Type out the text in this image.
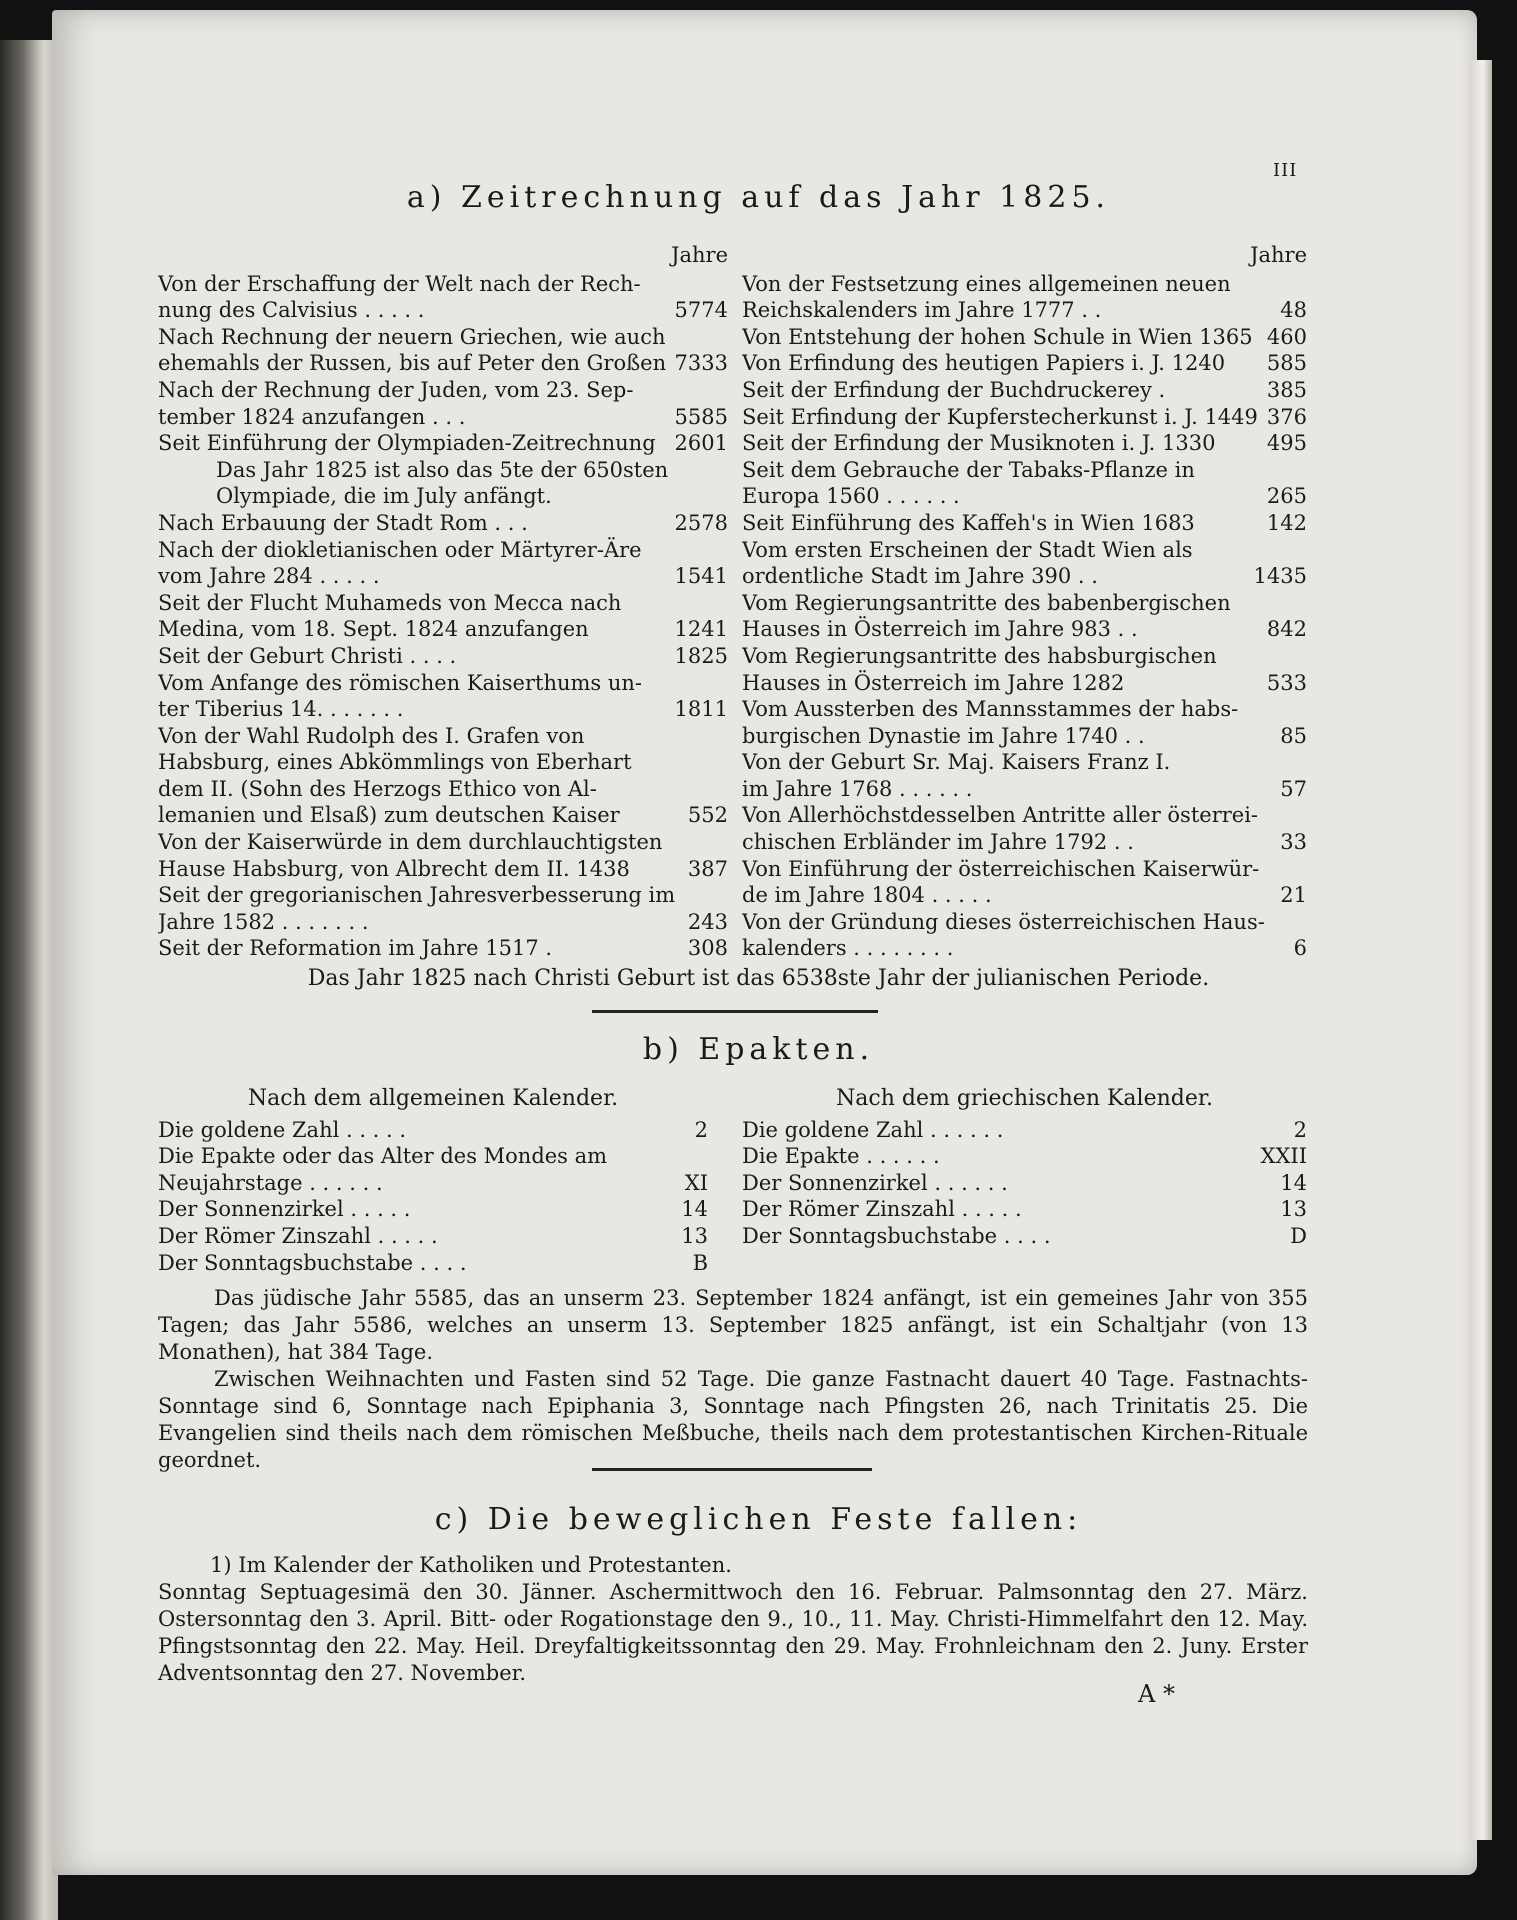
III
a) Zeitrechnung auf das Jahr 1825.
Jahre
Von der Erschaffung der Welt nach der Rech-
nung des Calvisius . . . . .	5774
Nach Rechnung der neuern Griechen, wie auch
ehemahls der Russen, bis auf Peter den Großen 7333
Nach der Rechnung der Juden, vom 23. Sep-
tember 1824 anzufangen . . .	5585
Seit Einführung der Olympiaden-Zeitrechnung 2601
Das Jahr 1825 ist also das 5te der 650sten
Olympiade, die im July anfängt.
Nach Erbauung der Stadt Rom . . .	2578
Nach der diokletianischen oder Märtyrer-Äre
vom Jahre 284 . . . . .	1541
Seit der Flucht Muhameds von Mecca nach
Medina, vom 18. Sept. 1824 anzufangen	1241
Seit der Geburt Christi . . . .	1825
Vom Anfange des römischen Kaiserthums un-
ter Tiberius 14. . . . . . .	1811
Von der Wahl Rudolph des I. Grafen von
Habsburg, eines Abkömmlings von Eberhart
dem II. (Sohn des Herzogs Ethico von Al-
lemanien und Elsaß) zum deutschen Kaiser	552
Von der Kaiserwürde in dem durchlauchtigsten
Hause Habsburg, von Albrecht dem II. 1438	387
Seit der gregorianischen Jahresverbesserung im
Jahre 1582 . . . . . . .	243
Seit der Reformation im Jahre 1517 .	308
Jahre
Von der Festsetzung eines allgemeinen neuen
Reichskalenders im Jahre 1777 . .	48
Von Entstehung der hohen Schule in Wien 1365 460
Von Erfindung des heutigen Papiers i. J. 1240 585
Seit der Erfindung der Buchdruckerey .	385
Seit Erfindung der Kupferstecherkunst i. J. 1449 376
Seit der Erfindung der Musiknoten i. J. 1330 495
Seit dem Gebrauche der Tabaks-Pflanze in
Europa 1560 . . . . . .	265
Seit Einführung des Kaffeh's in Wien 1683	142
Vom ersten Erscheinen der Stadt Wien als
ordentliche Stadt im Jahre 390 . .	1435
Vom Regierungsantritte des babenbergischen
Hauses in Österreich im Jahre 983 . .	842
Vom Regierungsantritte des habsburgischen
Hauses in Österreich im Jahre 1282	533
Vom Aussterben des Mannsstammes der habs-
burgischen Dynastie im Jahre 1740 . .	85
Von der Geburt Sr. Maj. Kaisers Franz I.
im Jahre 1768 . . . . . .	57
Von Allerhöchstdesselben Antritte aller österrei-
chischen Erbländer im Jahre 1792 . .	33
Von Einführung der österreichischen Kaiserwür-
de im Jahre 1804 . . . . .	21
Von der Gründung dieses österreichischen Haus-
kalenders . . . . . . . .	6
Das Jahr 1825 nach Christi Geburt ist das 6538ste Jahr der julianischen Periode.
b) Epakten.
Nach dem allgemeinen Kalender.
Die goldene Zahl . . . . .	2
Die Epakte oder das Alter des Mondes am
Neujahrstage . . . . . .	XI
Der Sonnenzirkel . . . . .	14
Der Römer Zinszahl . . . . .	13
Der Sonntagsbuchstabe . . . .	B
Nach dem griechischen Kalender.
Die goldene Zahl . . . . . .	2
Die Epakte . . . . . .	XXII
Der Sonnenzirkel . . . . . .	14
Der Römer Zinszahl . . . . .	13
Der Sonntagsbuchstabe . . . .	D

Das jüdische Jahr 5585, das an unserm 23. September 1824 anfängt, ist ein gemeines Jahr von 355 Tagen; das Jahr 5586, welches an unserm 13. September 1825 anfängt, ist ein Schaltjahr (von 13 Monathen), hat 384 Tage.

Zwischen Weihnachten und Fasten sind 52 Tage. Die ganze Fastnacht dauert 40 Tage. Fastnachts-Sonntage sind 6, Sonntage nach Epiphania 3, Sonntage nach Pfingsten 26, nach Trinitatis 25. Die Evangelien sind theils nach dem römischen Meßbuche, theils nach dem protestantischen Kirchen-Rituale geordnet.

c) Die beweglichen Feste fallen:

1) Im Kalender der Katholiken und Protestanten.

Sonntag Septuagesimä den 30. Jänner. Aschermittwoch den 16. Februar. Palmsonntag den 27. März. Ostersonntag den 3. April. Bitt- oder Rogationstage den 9., 10., 11. May. Christi-Himmelfahrt den 12. May. Pfingstsonntag den 22. May. Heil. Dreyfaltigkeitssonntag den 29. May. Frohnleichnam den 2. Juny. Erster Adventsonntag den 27. November.

A *
